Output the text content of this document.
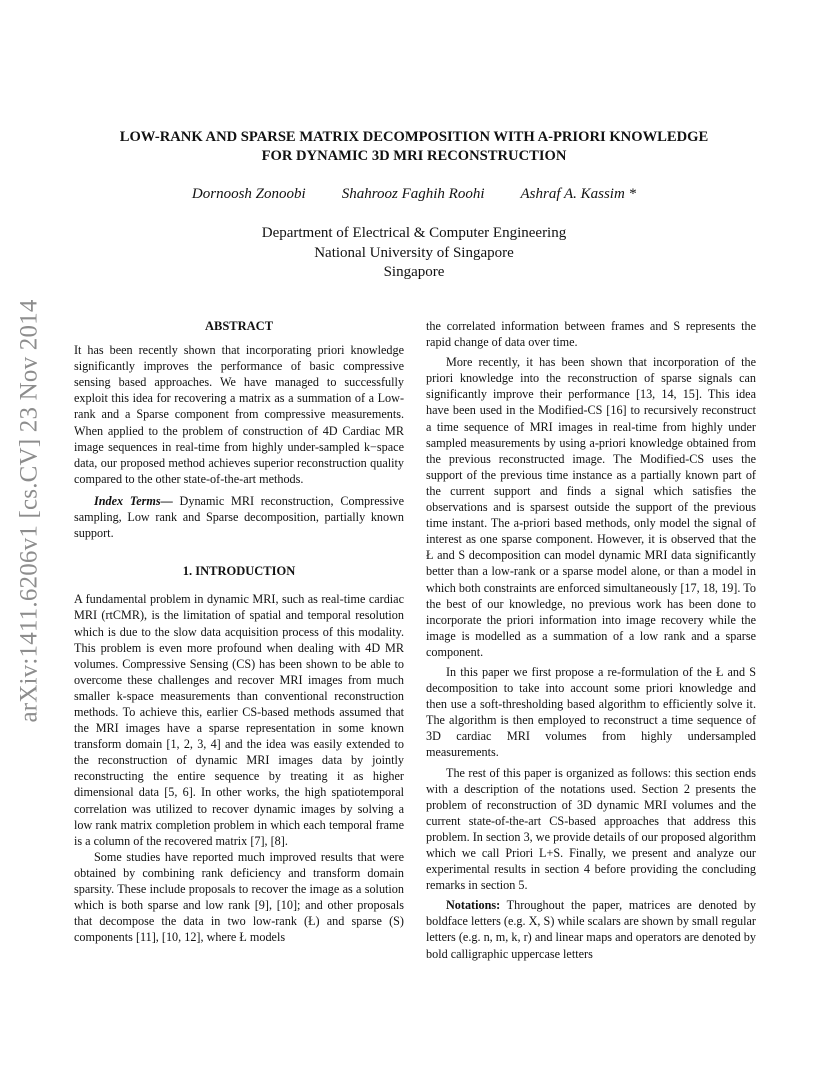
arXiv:1411.6206v1 [cs.CV] 23 Nov 2014
LOW-RANK AND SPARSE MATRIX DECOMPOSITION WITH A-PRIORI KNOWLEDGE
FOR DYNAMIC 3D MRI RECONSTRUCTION
Dornoosh Zonoobi Shahrooz Faghih Roohi Ashraf A. Kassim *
Department of Electrical & Computer Engineering
National University of Singapore
Singapore
ABSTRACT

It has been recently shown that incorporating priori knowledge significantly improves the performance of basic compressive sensing based approaches. We have managed to successfully exploit this idea for recovering a matrix as a summation of a Low-rank and a Sparse component from compressive measurements. When applied to the problem of construction of 4D Cardiac MR image sequences in real-time from highly under-sampled k−space data, our proposed method achieves superior reconstruction quality compared to the other state-of-the-art methods.

Index Terms— Dynamic MRI reconstruction, Compressive sampling, Low rank and Sparse decomposition, partially known support.

1. INTRODUCTION

A fundamental problem in dynamic MRI, such as real-time cardiac MRI (rtCMR), is the limitation of spatial and temporal resolution which is due to the slow data acquisition process of this modality. This problem is even more profound when dealing with 4D MR volumes. Compressive Sensing (CS) has been shown to be able to overcome these challenges and recover MRI images from much smaller k-space measurements than conventional reconstruction methods. To achieve this, earlier CS-based methods assumed that the MRI images have a sparse representation in some known transform domain [1, 2, 3, 4] and the idea was easily extended to the reconstruction of dynamic MRI images data by jointly reconstructing the entire sequence by treating it as higher dimensional data [5, 6]. In other works, the high spatiotemporal correlation was utilized to recover dynamic images by solving a low rank matrix completion problem in which each temporal frame is a column of the recovered matrix [7], [8].

Some studies have reported much improved results that were obtained by combining rank deficiency and transform domain sparsity. These include proposals to recover the image as a solution which is both sparse and low rank [9], [10]; and other proposals that decompose the data in two low-rank (Ł) and sparse (S) components [11], [10, 12], where Ł models

the correlated information between frames and S represents the rapid change of data over time.

More recently, it has been shown that incorporation of the priori knowledge into the reconstruction of sparse signals can significantly improve their performance [13, 14, 15]. This idea have been used in the Modified-CS [16] to recursively reconstruct a time sequence of MRI images in real-time from highly under sampled measurements by using a-priori knowledge obtained from the previous reconstructed image. The Modified-CS uses the support of the previous time instance as a partially known part of the current support and finds a signal which satisfies the observations and is sparsest outside the support of the previous time instant. The a-priori based methods, only model the signal of interest as one sparse component. However, it is observed that the Ł and S decomposition can model dynamic MRI data significantly better than a low-rank or a sparse model alone, or than a model in which both constraints are enforced simultaneously [17, 18, 19]. To the best of our knowledge, no previous work has been done to incorporate the priori information into image recovery while the image is modelled as a summation of a low rank and a sparse component.

In this paper we first propose a re-formulation of the Ł and S decomposition to take into account some priori knowledge and then use a soft-thresholding based algorithm to efficiently solve it. The algorithm is then employed to reconstruct a time sequence of 3D cardiac MRI volumes from highly undersampled measurements.

The rest of this paper is organized as follows: this section ends with a description of the notations used. Section 2 presents the problem of reconstruction of 3D dynamic MRI volumes and the current state-of-the-art CS-based approaches that address this problem. In section 3, we provide details of our proposed algorithm which we call Priori L+S. Finally, we present and analyze our experimental results in section 4 before providing the concluding remarks in section 5.

Notations: Throughout the paper, matrices are denoted by boldface letters (e.g. X, S) while scalars are shown by small regular letters (e.g. n, m, k, r) and linear maps and operators are denoted by bold calligraphic uppercase letters
